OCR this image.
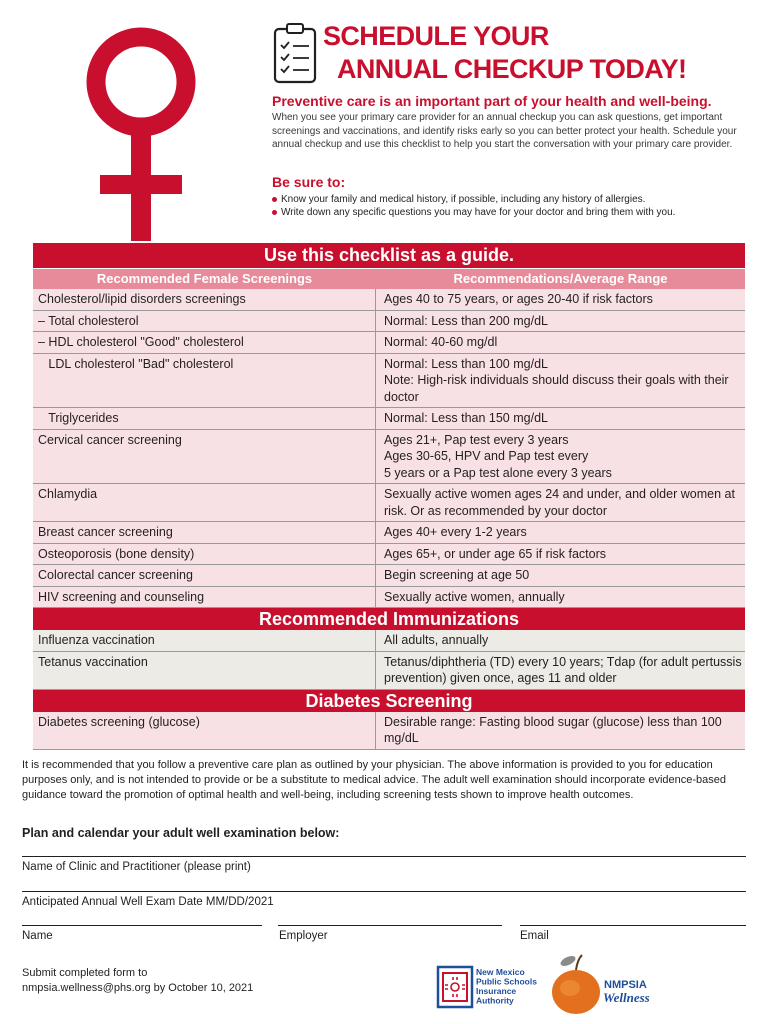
SCHEDULE YOUR
ANNUAL CHECKUP TODAY!
Preventive care is an important part of your health and well-being.
When you see your primary care provider for an annual checkup you can ask questions, get important screenings and vaccinations, and identify risks early so you can better protect your health. Schedule your annual checkup and use this checklist to help you start the conversation with your primary care provider.
Be sure to:
Know your family and medical history, if possible, including any history of allergies.
Write down any specific questions you may have for your doctor and bring them with you.
Use this checklist as a guide.
Recommended Female Screenings	Recommendations/Average Range
Cholesterol/lipid disorders screenings	Ages 40 to 75 years, or ages 20-40 if risk factors
– Total cholesterol	Normal: Less than 200 mg/dL
– HDL cholesterol "Good" cholesterol	Normal: 40-60 mg/dl
LDL cholesterol "Bad" cholesterol	Normal: Less than 100 mg/dL
Note: High-risk individuals should discuss their goals with their doctor
Triglycerides	Normal: Less than 150 mg/dL
Cervical cancer screening	Ages 21+, Pap test every 3 years
Ages 30-65, HPV and Pap test every
5 years or a Pap test alone every 3 years
Chlamydia	Sexually active women ages 24 and under, and older women at risk. Or as recommended by your doctor
Breast cancer screening	Ages 40+ every 1-2 years
Osteoporosis (bone density)	Ages 65+, or under age 65 if risk factors
Colorectal cancer screening	Begin screening at age 50
HIV screening and counseling	Sexually active women, annually
Recommended Immunizations
Influenza vaccination	All adults, annually
Tetanus vaccination	Tetanus/diphtheria (TD) every 10 years; Tdap (for adult pertussis prevention) given once, ages 11 and older
Diabetes Screening
Diabetes screening (glucose)	Desirable range: Fasting blood sugar (glucose) less than 100 mg/dL
It is recommended that you follow a preventive care plan as outlined by your physician. The above information is provided to you for education purposes only, and is not intended to provide or be a substitute to medical advice. The adult well examination should incorporate evidence-based guidance toward the promotion of optimal health and well-being, including screening tests shown to improve health outcomes.
Plan and calendar your adult well examination below:
Name of Clinic and Practitioner (please print)
Anticipated Annual Well Exam Date MM/DD/2021
Name	Employer	Email
Submit completed form to
nmpsia.wellness@phs.org by October 10, 2021
New Mexico
Public Schools
Insurance
Authority
NMPSIA
Wellness
